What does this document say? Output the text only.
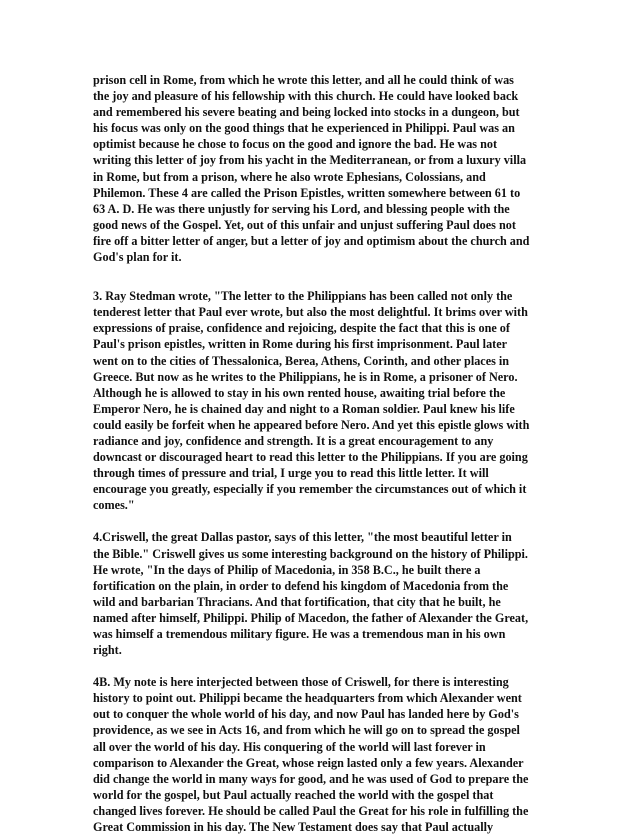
prison cell in Rome, from which he wrote this letter, and all he could think of was
the joy and pleasure of his fellowship with this church. He could have looked back
and remembered his severe beating and being locked into stocks in a dungeon, but
his focus was only on the good things that he experienced in Philippi. Paul was an
optimist because he chose to focus on the good and ignore the bad. He was not
writing this letter of joy from his yacht in the Mediterranean, or from a luxury villa
in Rome, but from a prison, where he also wrote Ephesians, Colossians, and
Philemon. These 4 are called the Prison Epistles, written somewhere between 61 to
63 A. D. He was there unjustly for serving his Lord, and blessing people with the
good news of the Gospel. Yet, out of this unfair and unjust suffering Paul does not
fire off a bitter letter of anger, but a letter of joy and optimism about the church and
God's plan for it.

3. Ray Stedman wrote, "The letter to the Philippians has been called not only the
tenderest letter that Paul ever wrote, but also the most delightful. It brims over with
expressions of praise, confidence and rejoicing, despite the fact that this is one of
Paul's prison epistles, written in Rome during his first imprisonment. Paul later
went on to the cities of Thessalonica, Berea, Athens, Corinth, and other places in
Greece. But now as he writes to the Philippians, he is in Rome, a prisoner of Nero.
Although he is allowed to stay in his own rented house, awaiting trial before the
Emperor Nero, he is chained day and night to a Roman soldier. Paul knew his life
could easily be forfeit when he appeared before Nero. And yet this epistle glows with
radiance and joy, confidence and strength. It is a great encouragement to any
downcast or discouraged heart to read this letter to the Philippians. If you are going
through times of pressure and trial, I urge you to read this little letter. It will
encourage you greatly, especially if you remember the circumstances out of which it
comes."

4.Criswell, the great Dallas pastor, says of this letter, "the most beautiful letter in
the Bible." Criswell gives us some interesting background on the history of Philippi.
He wrote, "In the days of Philip of Macedonia, in 358 B.C., he built there a
fortification on the plain, in order to defend his kingdom of Macedonia from the
wild and barbarian Thracians. And that fortification, that city that he built, he
named after himself, Philippi. Philip of Macedon, the father of Alexander the Great,
was himself a tremendous military figure. He was a tremendous man in his own
right.

4B. My note is here interjected between those of Criswell, for there is interesting
history to point out. Philippi became the headquarters from which Alexander went
out to conquer the whole world of his day, and now Paul has landed here by God's
providence, as we see in Acts 16, and from which he will go on to spread the gospel
all over the world of his day. His conquering of the world will last forever in
comparison to Alexander the Great, whose reign lasted only a few years. Alexander
did change the world in many ways for good, and he was used of God to prepare the
world for the gospel, but Paul actually reached the world with the gospel that
changed lives forever. He should be called Paul the Great for his role in fulfilling the
Great Commission in his day. The New Testament does say that Paul actually
